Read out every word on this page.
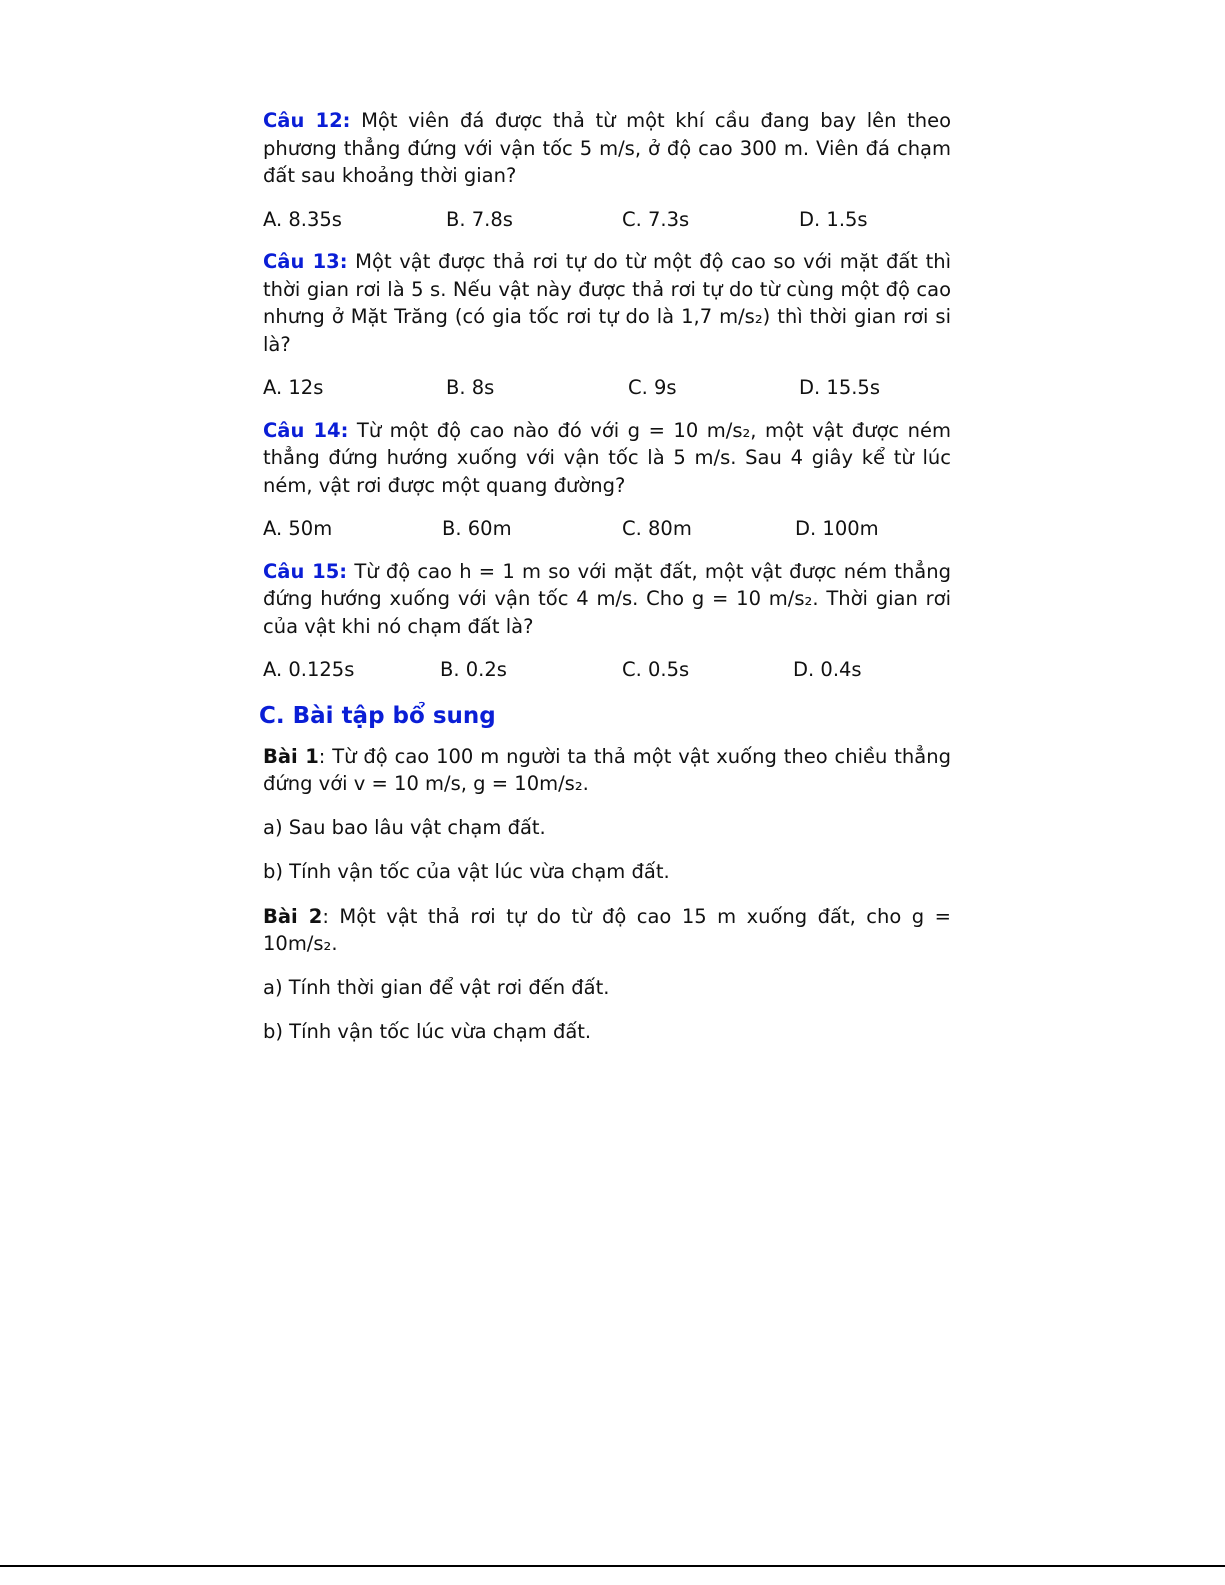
Câu 12: Một viên đá được thả từ một khí cầu đang bay lên theo phương thẳng đứng với vận tốc 5 m/s, ở độ cao 300 m. Viên đá chạm đất sau khoảng thời gian?

A. 8.35s	B. 7.8s	C. 7.3s	D. 1.5s

Câu 13: Một vật được thả rơi tự do từ một độ cao so với mặt đất thì thời gian rơi là 5 s. Nếu vật này được thả rơi tự do từ cùng một độ cao nhưng ở Mặt Trăng (có gia tốc rơi tự do là 1,7 m/s₂) thì thời gian rơi si là?

A. 12s	B. 8s	C. 9s	D. 15.5s

Câu 14: Từ một độ cao nào đó với g = 10 m/s₂, một vật được ném thẳng đứng hướng xuống với vận tốc là 5 m/s. Sau 4 giây kể từ lúc ném, vật rơi được một quang đường?

A. 50m	B. 60m	C. 80m	D. 100m

Câu 15: Từ độ cao h = 1 m so với mặt đất, một vật được ném thẳng đứng hướng xuống với vận tốc 4 m/s. Cho g = 10 m/s₂. Thời gian rơi của vật khi nó chạm đất là?

A. 0.125s	B. 0.2s	C. 0.5s	D. 0.4s
C. Bài tập bổ sung

Bài 1: Từ độ cao 100 m người ta thả một vật xuống theo chiều thẳng đứng với v = 10 m/s, g = 10m/s₂.

a) Sau bao lâu vật chạm đất.

b) Tính vận tốc của vật lúc vừa chạm đất.

Bài 2: Một vật thả rơi tự do từ độ cao 15 m xuống đất, cho g = 10m/s₂.

a) Tính thời gian để vật rơi đến đất.

b) Tính vận tốc lúc vừa chạm đất.
